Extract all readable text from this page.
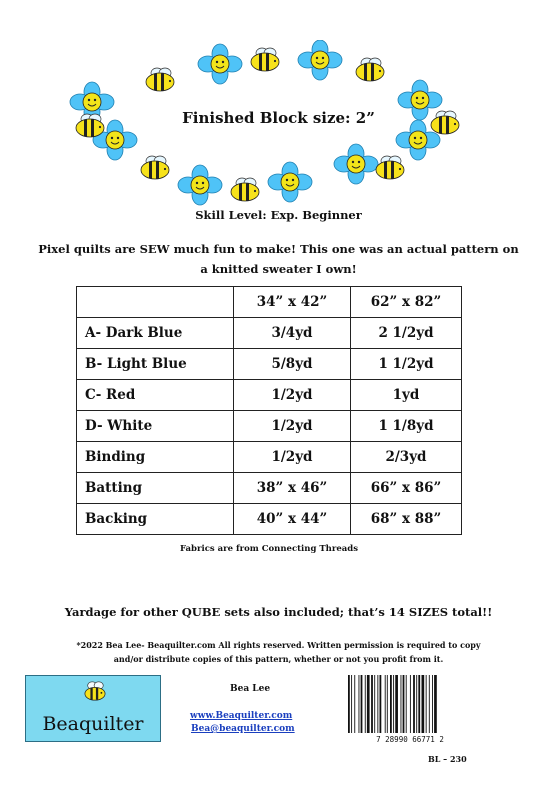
Finished Block size: 2”
Skill Level: Exp. Beginner
Pixel quilts are SEW much fun to make! This one was an actual pattern on
a knitted sweater I own!
	34” x 42”	62” x 82”
A- Dark Blue	3/4yd	2 1/2yd
B- Light Blue	5/8yd	1 1/2yd
C- Red	1/2yd	1yd
D- White	1/2yd	1 1/8yd
Binding	1/2yd	2/3yd
Batting	38” x 46”	66” x 86”
Backing	40” x 44”	68” x 88”
Fabrics are from Connecting Threads
Yardage for other QUBE sets also included; that’s 14 SIZES total!!
*2022 Bea Lee- Beaquilter.com All rights reserved. Written permission is required to copy
and/or distribute copies of this pattern, whether or not you profit from it.
Beaquilter
Bea Lee
www.Beaquilter.com
Bea@beaquilter.com
7 28990 66771 2
BL – 230
